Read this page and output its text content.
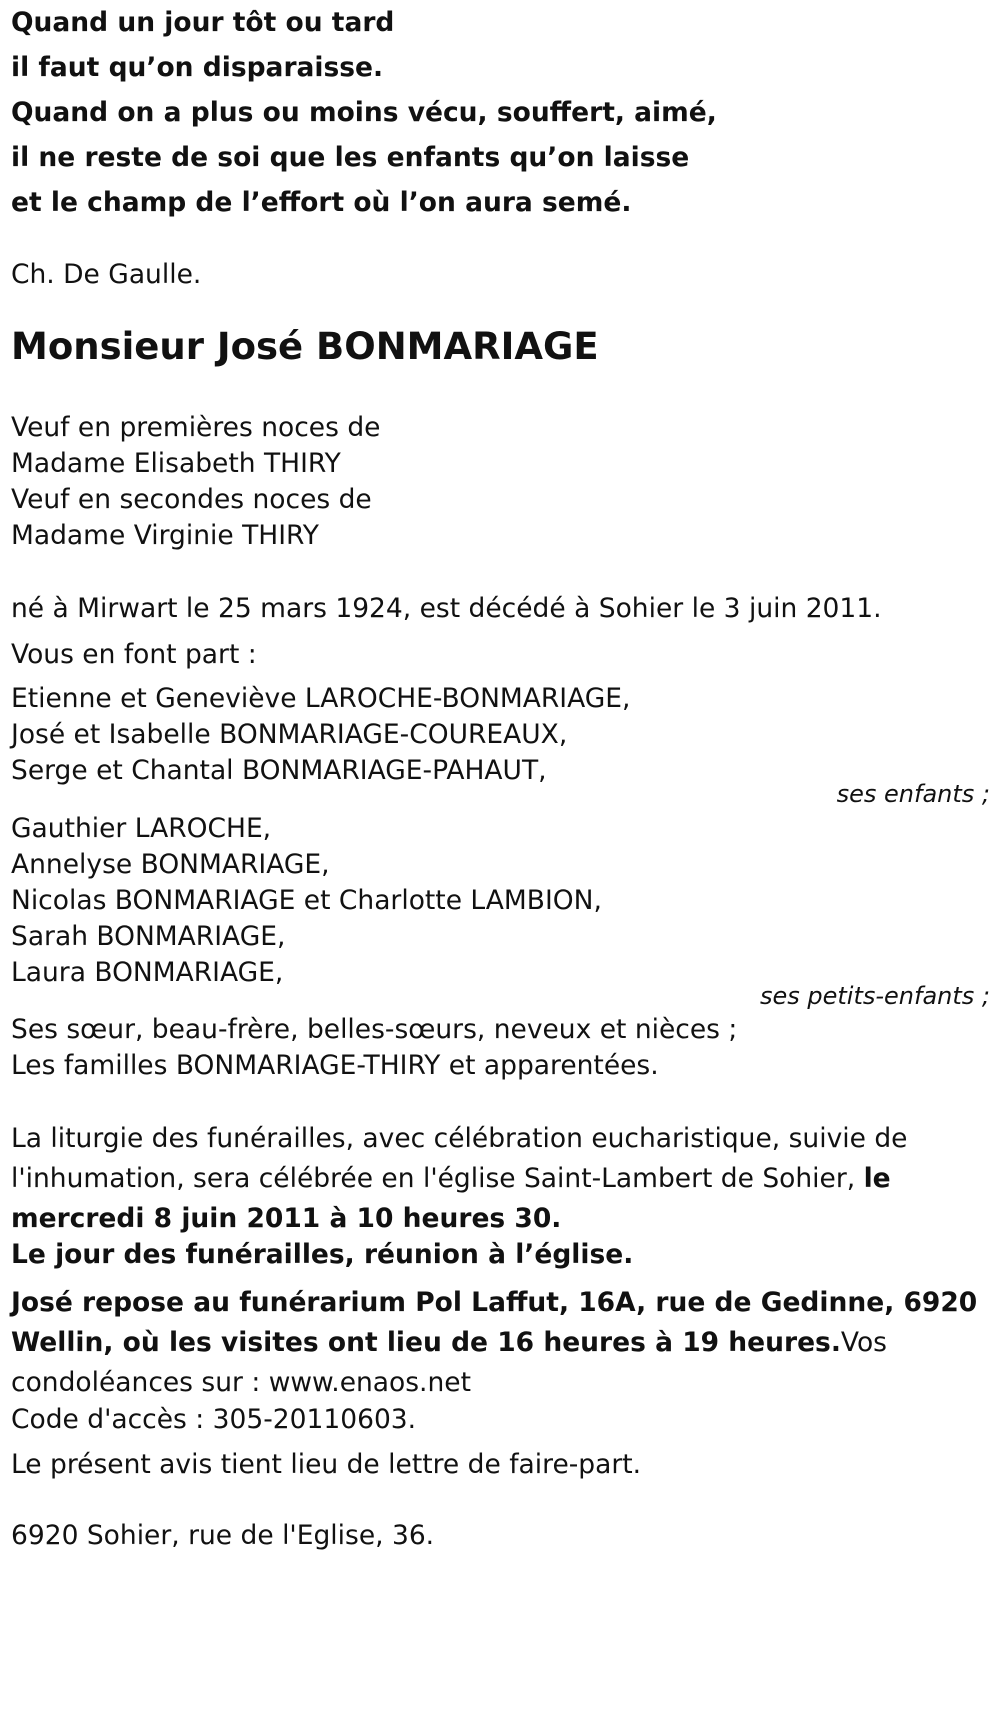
Quand un jour tôt ou tard

il faut qu’on disparaisse.

Quand on a plus ou moins vécu, souffert, aimé,

il ne reste de soi que les enfants qu’on laisse

et le champ de l’effort où l’on aura semé.

Ch. De Gaulle.

Monsieur José BONMARIAGE

Veuf en premières noces de

Madame Elisabeth THIRY

Veuf en secondes noces de

Madame Virginie THIRY

né à Mirwart le 25 mars 1924, est décédé à Sohier le 3 juin 2011.

Vous en font part :

Etienne et Geneviève LAROCHE-BONMARIAGE,

José et Isabelle BONMARIAGE-COUREAUX,

Serge et Chantal BONMARIAGE-PAHAUT,

ses enfants ;

Gauthier LAROCHE,

Annelyse BONMARIAGE,

Nicolas BONMARIAGE et Charlotte LAMBION,

Sarah BONMARIAGE,

Laura BONMARIAGE,

ses petits-enfants ;

Ses sœur, beau-frère, belles-sœurs, neveux et nièces ;

Les familles BONMARIAGE-THIRY et apparentées.

La liturgie des funérailles, avec célébration eucharistique, suivie de l'inhumation, sera célébrée en l'église Saint-Lambert de Sohier, le mercredi 8 juin 2011 à 10 heures 30.

Le jour des funérailles, réunion à l’église.

José repose au funérarium Pol Laffut, 16A, rue de Gedinne, 6920 Wellin, où les visites ont lieu de 16 heures à 19 heures.Vos condoléances sur : www.enaos.net

Code d'accès : 305-20110603.

Le présent avis tient lieu de lettre de faire-part.

6920 Sohier, rue de l'Eglise, 36.
